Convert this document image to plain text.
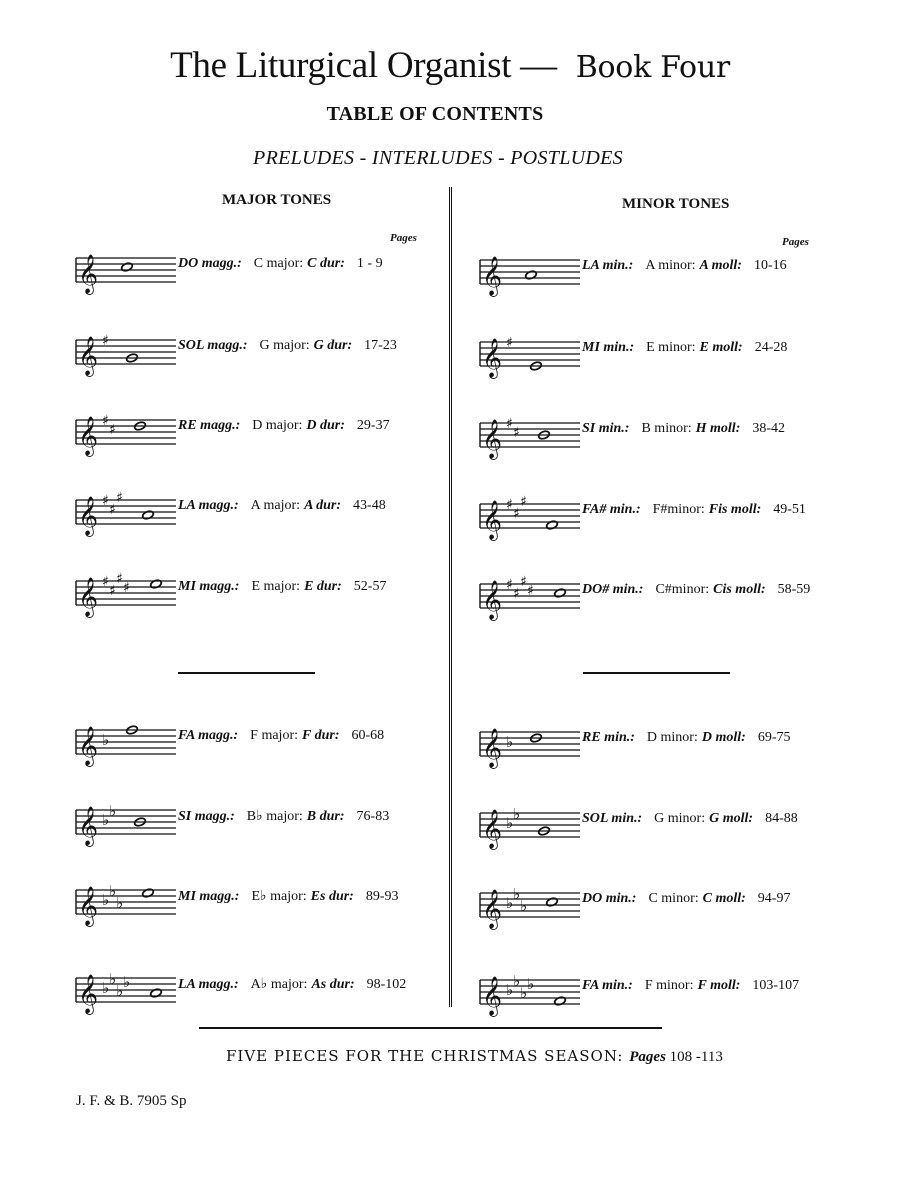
The Liturgical Organist — Book Four
TABLE OF CONTENTS
PRELUDES - INTERLUDES - POSTLUDES
MAJOR TONES	MINOR TONES
Pages	Pages
𝄞	DO magg.: C major: C dur: 1 - 9
𝄞 ♯	SOL magg.: G major: G dur: 17-23
𝄞 ♯
♯	RE magg.: D major: D dur: 29-37
𝄞 ♯
♯
♯	LA magg.: A major: A dur: 43-48
𝄞 ♯
♯
♯
♯	MI magg.: E major: E dur: 52-57
𝄞 ♭	FA magg.: F major: F dur: 60-68
𝄞 ♭ ♭	SI magg.: B♭ major: B dur: 76-83
𝄞 ♭ ♭
♭	MI magg.: E♭ major: Es dur: 89-93
𝄞 ♭ ♭
♭ ♭	LA magg.: A♭ major: As dur: 98-102
𝄞	LA min.: A minor: A moll: 10-16
𝄞 ♯	MI min.: E minor: E moll: 24-28
𝄞 ♯
♯	SI min.: B minor: H moll: 38-42
𝄞 ♯
♯
♯	FA# min.: F#minor: Fis moll: 49-51
𝄞 ♯
♯
♯
♯	DO# min.: C#minor: Cis moll: 58-59
𝄞 ♭	RE min.: D minor: D moll: 69-75
𝄞 ♭ ♭	SOL min.: G minor: G moll: 84-88
𝄞 ♭ ♭
♭	DO min.: C minor: C moll: 94-97
𝄞 ♭ ♭
♭ ♭	FA min.: F minor: F moll: 103-107
FIVE PIECES FOR THE CHRISTMAS SEASON: Pages 108 -113
J. F. & B. 7905 Sp
